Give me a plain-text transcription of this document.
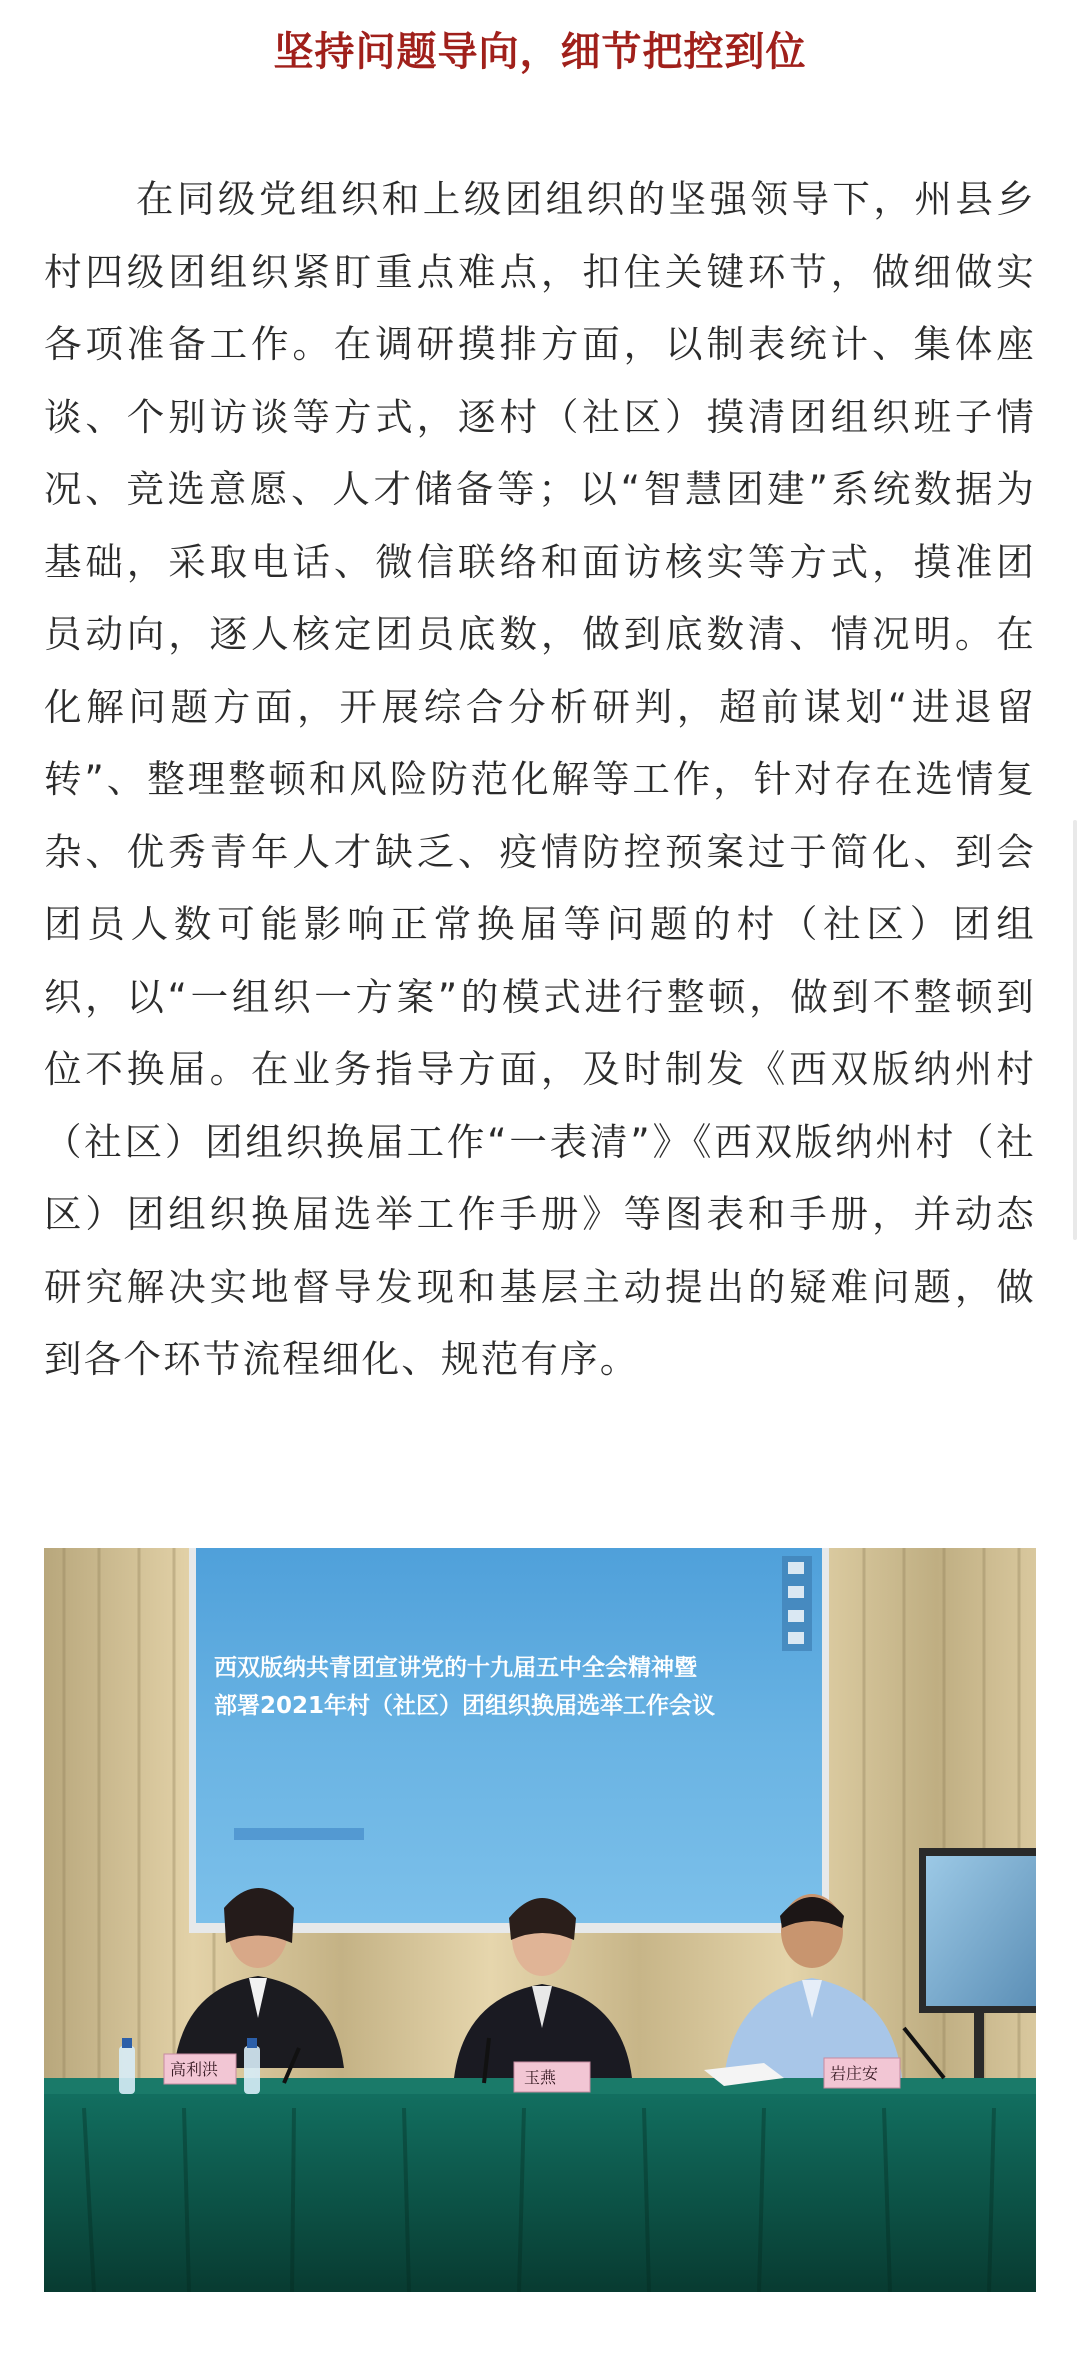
坚持问题导向，细节把控到位

在同级党组织和上级团组织的坚强领导下，州县乡村四级团组织紧盯重点难点，扣住关键环节，做细做实各项准备工作。在调研摸排方面，以制表统计、集体座谈、个别访谈等方式，逐村（社区）摸清团组织班子情况、竞选意愿、人才储备等；以“智慧团建”系统数据为基础，采取电话、微信联络和面访核实等方式，摸准团员动向，逐人核定团员底数，做到底数清、情况明。在化解问题方面，开展综合分析研判，超前谋划“进退留转”、整理整顿和风险防范化解等工作，针对存在选情复杂、优秀青年人才缺乏、疫情防控预案过于简化、到会团员人数可能影响正常换届等问题的村（社区）团组织，以“一组织一方案”的模式进行整顿，做到不整顿到位不换届。在业务指导方面，及时制发《西双版纳州村（社区）团组织换届工作“一表清”》《西双版纳州村（社区）团组织换届选举工作手册》等图表和手册，并动态研究解决实地督导发现和基层主动提出的疑难问题，做到各个环节流程细化、规范有序。

西双版纳共青团宣讲党的十九届五中全会精神暨
部署2021年村（社区）团组织换届选举工作会议
高利洪	玉燕	岩庄安
